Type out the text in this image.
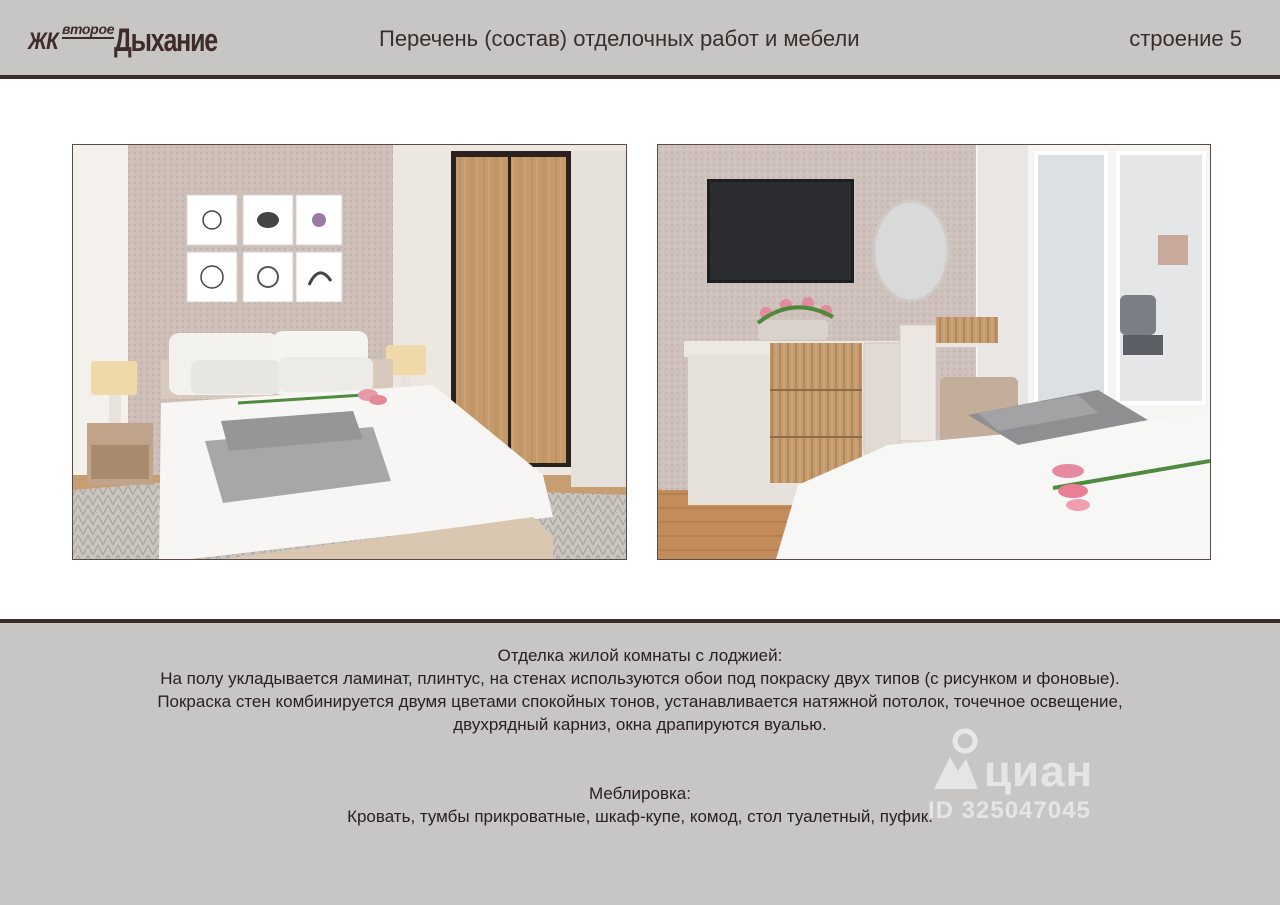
ЖК второе Дыхание	Перечень (состав) отделочных работ и мебели	строение 5
Отделка жилой комнаты с лоджией:
На полу укладывается ламинат, плинтус, на стенах используются обои под покраску двух типов (с рисунком и фоновые).
Покраска стен комбинируется двумя цветами спокойных тонов, устанавливается натяжной потолок, точечное освещение,
двухрядный карниз, окна драпируются вуалью.
Меблировка:
Кровать, тумбы прикроватные, шкаф-купе, комод, стол туалетный, пуфик.
циан
ID 325047045
